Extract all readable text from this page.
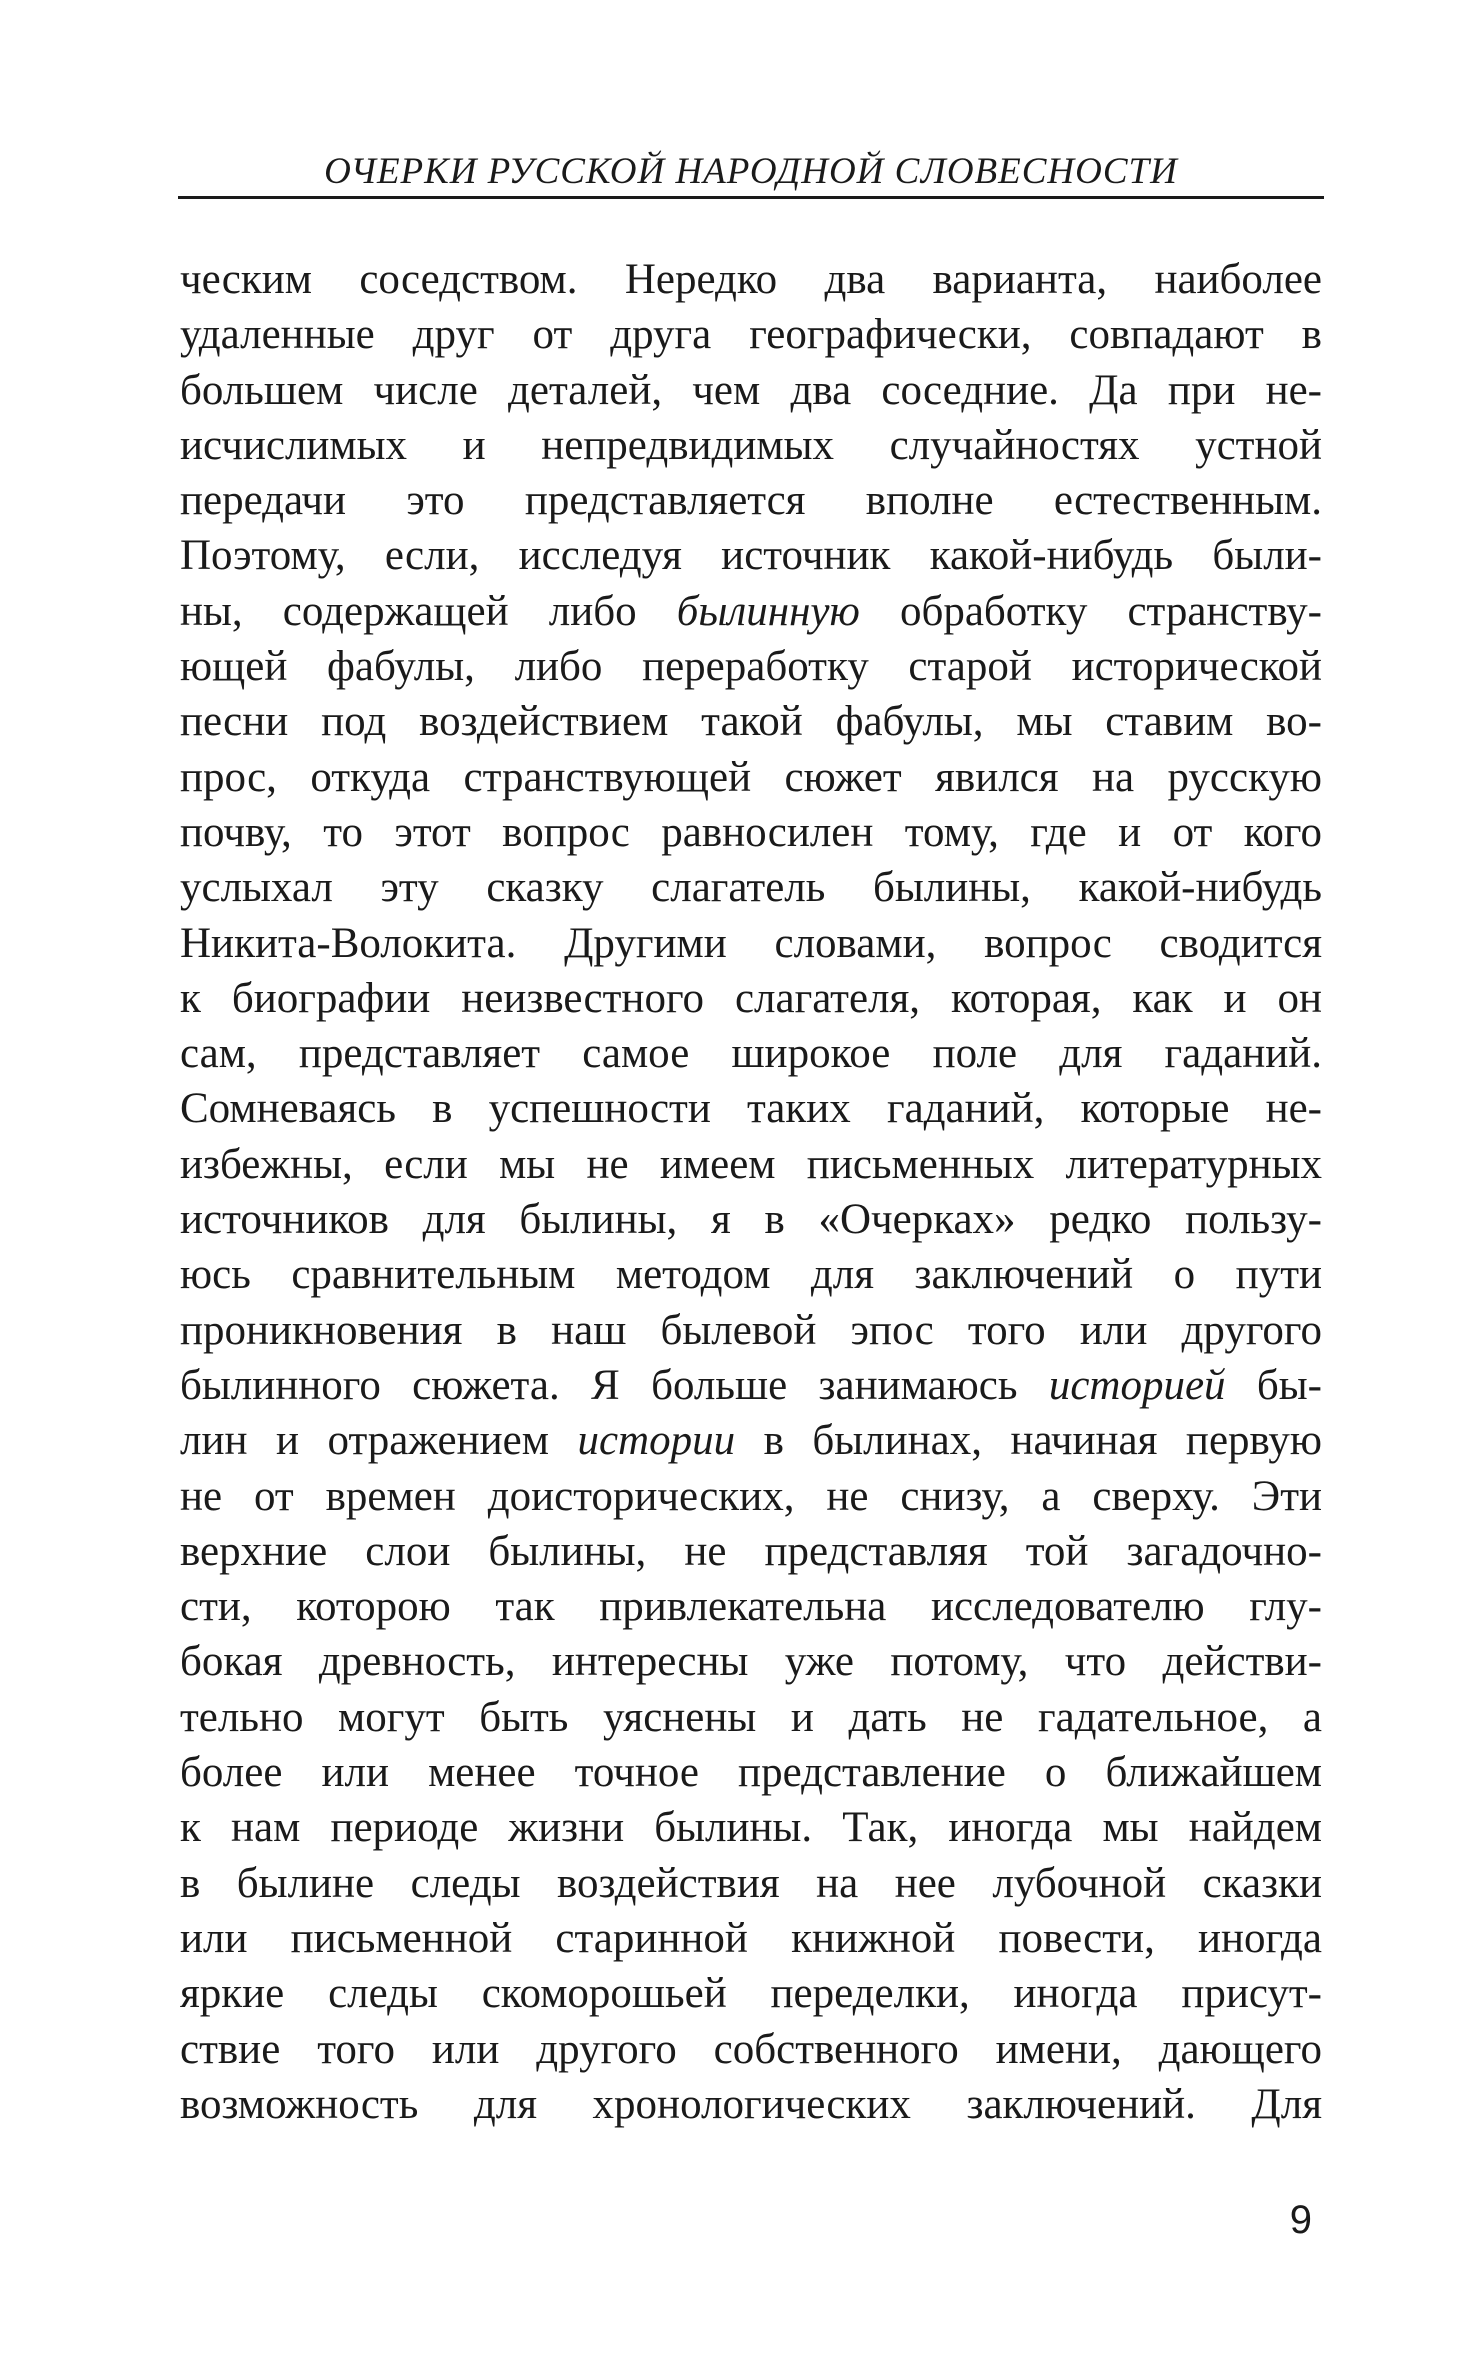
ОЧЕРКИ РУССКОЙ НАРОДНОЙ СЛОВЕСНОСТИ
ческим соседством. Нередко два варианта, наиболее
удаленные друг от друга географически, совпадают в
большем числе деталей, чем два соседние. Да при не-
исчислимых и непредвидимых случайностях устной
передачи это представляется вполне естественным.
Поэтому, если, исследуя источник какой-нибудь были-
ны, содержащей либо былинную обработку странству-
ющей фабулы, либо переработку старой исторической
песни под воздействием такой фабулы, мы ставим во-
прос, откуда странствующей сюжет явился на русскую
почву, то этот вопрос равносилен тому, где и от кого
услыхал эту сказку слагатель былины, какой-нибудь
Никита-Волокита. Другими словами, вопрос сводится
к биографии неизвестного слагателя, которая, как и он
сам, представляет самое широкое поле для гаданий.
Сомневаясь в успешности таких гаданий, которые не-
избежны, если мы не имеем письменных литературных
источников для былины, я в «Очерках» редко пользу-
юсь сравнительным методом для заключений о пути
проникновения в наш былевой эпос того или другого
былинного сюжета. Я больше занимаюсь историей бы-
лин и отражением истории в былинах, начиная первую
не от времен доисторических, не снизу, а сверху. Эти
верхние слои былины, не представляя той загадочно-
сти, которою так привлекательна исследователю глу-
бокая древность, интересны уже потому, что действи-
тельно могут быть уяснены и дать не гадательное, а
более или менее точное представление о ближайшем
к нам периоде жизни былины. Так, иногда мы найдем
в былине следы воздействия на нее лубочной сказки
или письменной старинной книжной повести, иногда
яркие следы скоморошьей переделки, иногда присут-
ствие того или другого собственного имени, дающего
возможность для хронологических заключений. Для
9
